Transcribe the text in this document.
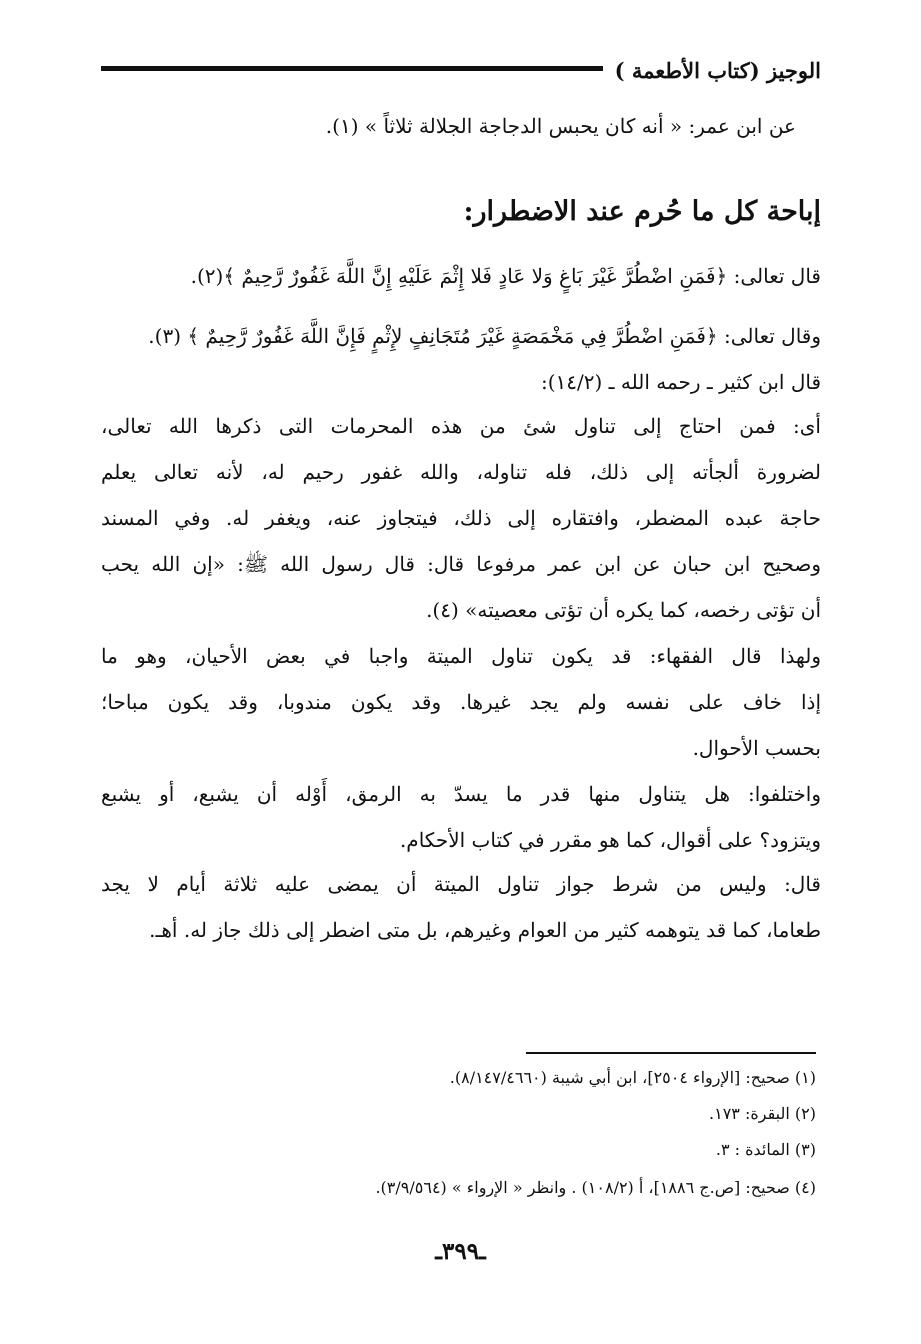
الوجيز (كتاب الأطعمة )
عن ابن عمر: « أنه كان يحبس الدجاجة الجلالة ثلاثاً » (١).
إباحة كل ما حُرم عند الاضطرار:
قال تعالى: ﴿فَمَنِ اضْطُرَّ غَيْرَ بَاغٍ وَلا عَادٍ فَلا إِثْمَ عَلَيْهِ إِنَّ اللَّهَ غَفُورٌ رَّحِيمٌ ﴾(٢).
وقال تعالى: ﴿فَمَنِ اضْطُرَّ فِي مَخْمَصَةٍ غَيْرَ مُتَجَانِفٍ لإِثْمٍ فَإِنَّ اللَّهَ غَفُورٌ رَّحِيمٌ ﴾ (٣).
قال ابن كثير ـ رحمه الله ـ (١٤/٢):
أى: فمن احتاج إلى تناول شئ من هذه المحرمات التى ذكرها الله تعالى،
لضرورة ألجأته إلى ذلك، فله تناوله، والله غفور رحيم له، لأنه تعالى يعلم
حاجة عبده المضطر، وافتقاره إلى ذلك، فيتجاوز عنه، ويغفر له. وفي المسند
وصحيح ابن حبان عن ابن عمر مرفوعا قال: قال رسول الله ﷺ: «إن الله يحب
أن تؤتى رخصه، كما يكره أن تؤتى معصيته» (٤).
ولهذا قال الفقهاء: قد يكون تناول الميتة واجبا في بعض الأحيان، وهو ما
إذا خاف على نفسه ولم يجد غيرها. وقد يكون مندوبا، وقد يكون مباحا؛
بحسب الأحوال.
واختلفوا: هل يتناول منها قدر ما يسدّ به الرمق، أَوْله أن يشبع، أو يشبع
ويتزود؟ على أقوال، كما هو مقرر في كتاب الأحكام.
قال: وليس من شرط جواز تناول الميتة أن يمضى عليه ثلاثة أيام لا يجد
طعاما، كما قد يتوهمه كثير من العوام وغيرهم، بل متى اضطر إلى ذلك جاز له. أهـ.
(١) صحيح: [الإرواء ٢٥٠٤]، ابن أبي شيبة (٨/١٤٧/٤٦٦٠).
(٢) البقرة: ١٧٣.
(٣) المائدة : ٣.
(٤) صحيح: [ص.ج ١٨٨٦]، أ (١٠٨/٢) . وانظر « الإرواء » (٣/٩/٥٦٤).
ـ٣٩٩ـ
